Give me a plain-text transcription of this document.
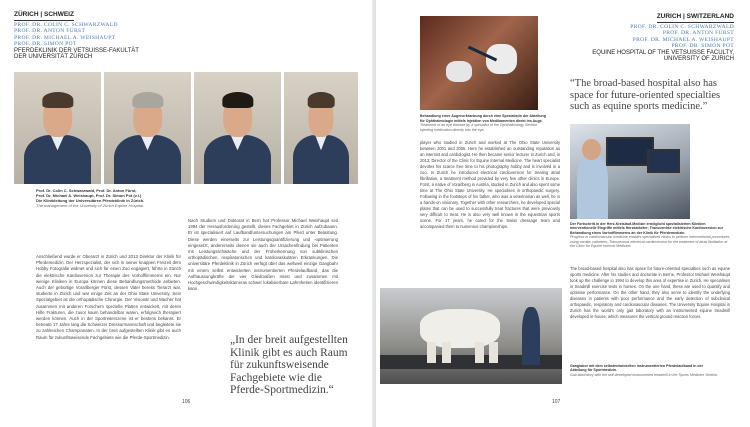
ZÜRICH | SCHWEIZ
PROF. DR. COLIN C. SCHWARZWALD
PROF. DR. ANTON FÜRST
PROF. DR. MICHAEL A. WEISHAUPT
PROF. DR. SIMON POT
PFERDEKLINIK DER VETSUISSE-FAKULTÄT
DER UNIVERSITÄT ZÜRICH
Prof. Dr. Colin C. Schwarzwald, Prof. Dr. Anton Fürst,
Prof. Dr. Michael A. Weishaupt, Prof. Dr. Simon Pot (v.l.)
Die Klinikleitung der Universitären Pferdeklinik in Zürich.
The management of the University of Zurich Equine Hospital.
Anschließend wurde er Oberarzt in Zürich und 2013 Direktor der Klinik für Pferdemedizin. Der Herzspezialist, der sich in seiner knappen Freizeit dem Hobby Fotografie widmet und sich für einen Zoo engagiert, führte in Zürich die elektrische Kardioversion zur Therapie des Vorhofflimmerns ein. Nur wenige Kliniken in Europa können diese Behandlungsmethode anbieten. Auch der gebürtige Vorarlberger Fürst, dessen Vater bereits Tierarzt war, studierte in Zürich und war einige Zeit an der Ohio State University. Sein Spezialgebiet ist die orthopädische Chirurgie. Der Visionär und Macher hat zusammen mit anderen Forschern spezielle Platten entwickelt, mit deren Hilfe Frakturen, die zuvor kaum behandelbar waren, erfolgreich therapiert werden können. Auch in der Sportreiterszene ist er bestens bekannt. Er betreute 17 Jahre lang die Schweizer Dressurmannschaft und begleitete sie zu zahlreichen Championaten. In der breit aufgestellten Klinik gibt es auch Raum für zukunftsweisende Fachgebiete wie die Pferde-Sportmedizin.
Nach Studium und Doktorat in Bern hat Professor Michael Weishaupt seit 1994 der Herausforderung gestellt, dieses Fachgebiet in Zürich aufzubauen. Er ist spezialisiert auf Laufbandfuntersuchungen am Pferd unter Belastung. Diese werden einerseits zur Leistungsquantifizierung und -optimierung eingesetzt, andererseits dienen sie auch der Ursachenfindung bei Patienten mit Leistungsschwäche und der Früherkennung von subklinischen orthopädischen, respiratorischen und kardiovaskulären Erkrankungen. Die universitäre Pferdeklinik in Zürich verfügt über das weltweit einzige Gangbahr mit einem selbst entwickelten instrumentierten Pferdelaufband, das die Aufhaussungkräfte der vier Gliedmaßen misst und zusammen mit Hochgeschwindigkeitskameras schwer lokalisierbare Lahmheiten identifizieren kann.
„In der breit aufgestellten Klinik gibt es auch Raum für zukunftsweisende Fachgebiete wie die Pferde-Sportmedizin.“
106
ZURICH | SWITZERLAND
PROF. DR. COLIN C. SCHWARZWALD
PROF. DR. ANTON FÜRST
PROF. DR. MICHAEL A. WEISHAUPT
PROF. DR. SIMON POT
EQUINE HOSPITAL OF THE VETSUISSE FACULTY,
UNIVERSITY OF ZURICH
Behandlung einer Augenerkrankung durch eine Spezialistin der Abteilung für Ophthalmologie mittels Injektion von Medikamenten direkt ins Auge.
Treatment of an eye disease by a specialist of the Ophthalmology Section injecting medication directly into the eye.
“The broad-based hospital also has space for future-oriented specialties such as equine sports medicine.”
player who studied in Zurich and worked at The Ohio State University between 2001 and 2006. Here he established an outstanding reputation as an internist and cardiologist. He then became senior lecturer in Zurich and, in 2013, Director of the Clinic for Equine Internal Medicine. The heart specialist devotes his scarce free time to his photography hobby and is involved in a zoo. In Zurich he introduced electrical cardioversion for treating atrial fibrillation, a treatment method provided by very few other clinics in Europe. Fürst, a native of Vorarlberg in Austria, studied in Zurich and also spent some time at The Ohio State University. He specialises in orthopaedic surgery. Following in the footsteps of his father, who was a veterinarian as well, he is a hands-on visionary. Together with other researchers, he developed special plates that can be used to successfully treat fractures that were previously very difficult to treat. He is also very well known in the equestrian sports scene. For 17 years, he cared for the Swiss dressage team and accompanied them to numerous championships.	Der Fortschritt in der Herz-Kreislauf-Medizin ermöglicht spezialisierten Kliniken interventionelle Eingriffe mittels Herzkatheter; Transvenöse elektrische Kardioversion zur Behandlung eines Vorhofflimmerns an der Klinik für Pferdemedizin.
Progress in cardiovascular medicine enables specialised clinics to perform interventional procedures using cardiac catheters; Transvenous electrical cardioversion for the treatment of atrial fibrillation at the Clinic for Equine Internal Medicine.
The broad-based hospital also has space for future-oriented specialties such as equine sports medicine. After his studies and doctorate in Berne, Professor Michael Weishaupt took up the challenge in 1994 to develop this area of expertise in Zurich. He specialises in treadmill exercise tests in horses. On the one hand, these are used to quantify and optimise performance. On the other hand, they also serve to identify the underlying diseases in patients with poor performance and the early detection of subclinical orthopaedic, respiratory and cardiovascular diseases. The University Equine Hospital in Zurich has the world's only gait laboratory with an instrumented equine treadmill developed in-house, which measures the vertical ground reaction forces
Ganglabor mit dem selbstentwickelten instrumentierten Pferdelaufband in der Abteilung für Sportmedizin.
Gait laboratory with the self-developed instrumented treadmill in the Sports Medicine Section.
107
